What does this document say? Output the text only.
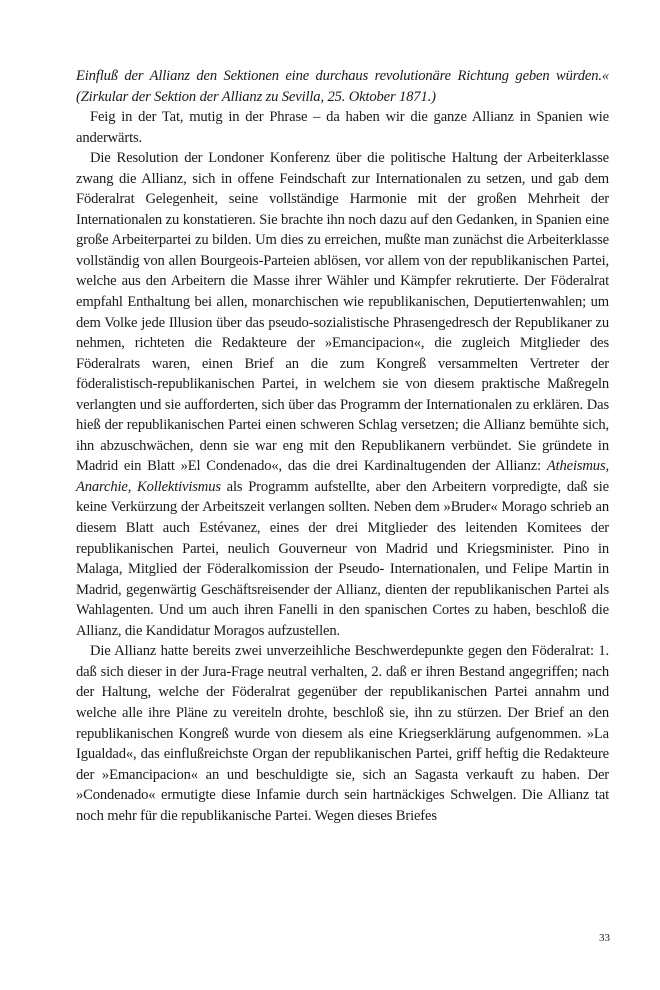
Einfluß der Allianz den Sektionen eine durchaus revolutionäre Richtung geben würden.« (Zirkular der Sektion der Allianz zu Sevilla, 25. Oktober 1871.)

Feig in der Tat, mutig in der Phrase – da haben wir die ganze Allianz in Spanien wie anderwärts.

Die Resolution der Londoner Konferenz über die politische Haltung der Arbeiterklasse zwang die Allianz, sich in offene Feindschaft zur Internationalen zu setzen, und gab dem Föderalrat Gelegenheit, seine vollständige Harmonie mit der großen Mehrheit der Internationalen zu konstatieren. Sie brachte ihn noch dazu auf den Gedanken, in Spanien eine große Arbeiterpartei zu bilden. Um dies zu erreichen, mußte man zunächst die Arbeiterklasse vollständig von allen Bourgeois-Parteien ablösen, vor allem von der republikanischen Partei, welche aus den Arbeitern die Masse ihrer Wähler und Kämpfer rekrutierte. Der Föderalrat empfahl Enthaltung bei allen, monarchischen wie republikanischen, Deputiertenwahlen; um dem Volke jede Illusion über das pseudo-sozialistische Phrasengedresch der Republikaner zu nehmen, richteten die Redakteure der »Emancipacion«, die zugleich Mitglieder des Föderalrats waren, einen Brief an die zum Kongreß versammelten Vertreter der föderalistisch-republikanischen Partei, in welchem sie von diesem praktische Maßregeln verlangten und sie aufforderten, sich über das Programm der Internationalen zu erklären. Das hieß der republikanischen Partei einen schweren Schlag versetzen; die Allianz bemühte sich, ihn abzuschwächen, denn sie war eng mit den Republikanern verbündet. Sie gründete in Madrid ein Blatt »El Condenado«, das die drei Kardinaltugenden der Allianz: Atheismus, Anarchie, Kollektivismus als Programm aufstellte, aber den Arbeitern vorpredigte, daß sie keine Verkürzung der Arbeitszeit verlangen sollten. Neben dem »Bruder« Morago schrieb an diesem Blatt auch Estévanez, eines der drei Mitglieder des leitenden Komitees der republikanischen Partei, neulich Gouverneur von Madrid und Kriegsminister. Pino in Malaga, Mitglied der Föderalkomission der Pseudo- Internationalen, und Felipe Martin in Madrid, gegenwärtig Geschäftsreisender der Allianz, dienten der republikanischen Partei als Wahlagenten. Und um auch ihren Fanelli in den spanischen Cortes zu haben, beschloß die Allianz, die Kandidatur Moragos aufzustellen.

Die Allianz hatte bereits zwei unverzeihliche Beschwerdepunkte gegen den Föderalrat: 1. daß sich dieser in der Jura-Frage neutral verhalten, 2. daß er ihren Bestand angegriffen; nach der Haltung, welche der Föderalrat gegenüber der republikanischen Partei annahm und welche alle ihre Pläne zu vereiteln drohte, beschloß sie, ihn zu stürzen. Der Brief an den republikanischen Kongreß wurde von diesem als eine Kriegserklärung aufgenommen. »La Igualdad«, das einflußreichste Organ der republikanischen Partei, griff heftig die Redakteure der »Emancipacion« an und beschuldigte sie, sich an Sagasta verkauft zu haben. Der »Condenado« ermutigte diese Infamie durch sein hartnäckiges Schwelgen. Die Allianz tat noch mehr für die republikanische Partei. Wegen dieses Briefes

33
